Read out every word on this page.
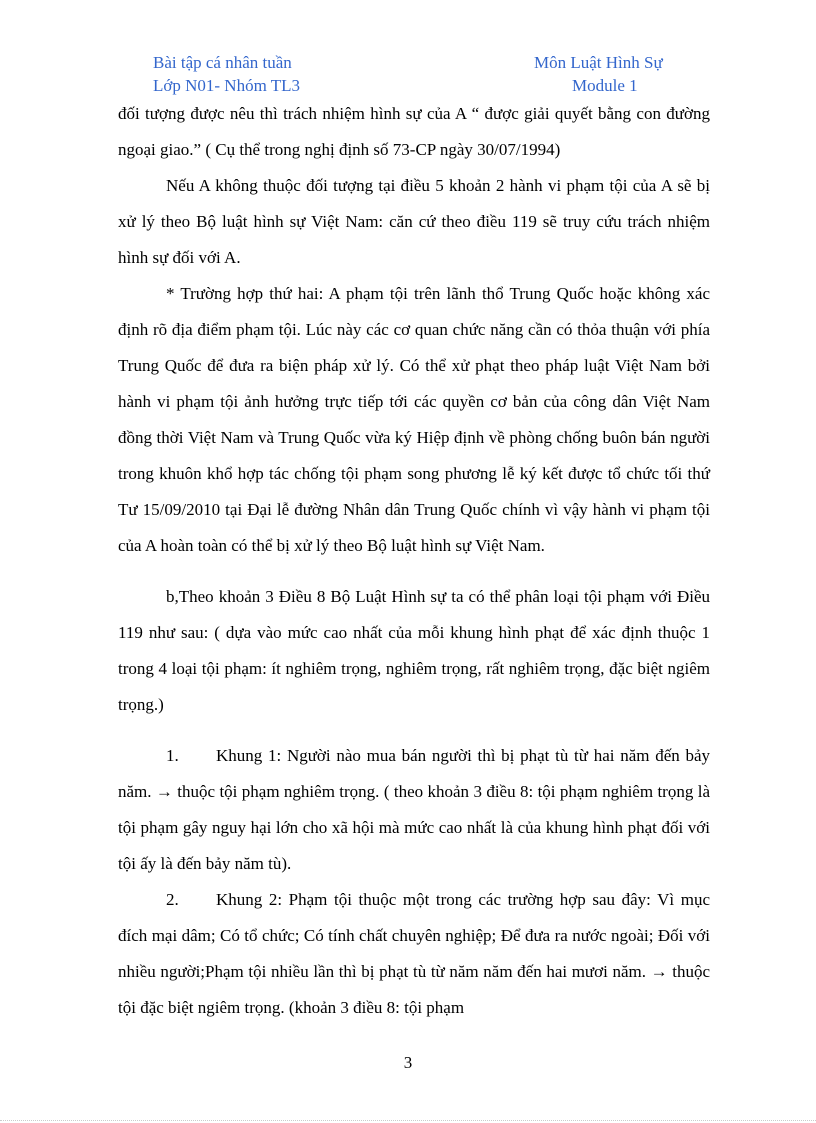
Bài tập cá nhân tuần
Lớp N01- Nhóm TL3
Môn Luật Hình Sự
Module 1

đối tượng được nêu thì trách nhiệm hình sự của A “ được giải quyết bằng con đường ngoại giao.” ( Cụ thể trong nghị định số 73-CP ngày 30/07/1994)

Nếu A không thuộc đối tượng tại điều 5 khoản 2 hành vi phạm tội của A sẽ bị xử lý theo Bộ luật hình sự Việt Nam: căn cứ theo điều 119 sẽ truy cứu trách nhiệm hình sự đối với A.

* Trường hợp thứ hai: A phạm tội trên lãnh thổ Trung Quốc hoặc không xác định rõ địa điểm phạm tội. Lúc này các cơ quan chức năng cần có thỏa thuận với phía Trung Quốc để đưa ra biện pháp xử lý. Có thể xử phạt theo pháp luật Việt Nam bởi hành vi phạm tội ảnh hưởng trực tiếp tới các quyền cơ bản của công dân Việt Nam đồng thời Việt Nam và Trung Quốc vừa ký Hiệp định về phòng chống buôn bán người trong khuôn khổ hợp tác chống tội phạm song phương lễ ký kết được tổ chức tối thứ Tư 15/09/2010 tại Đại lễ đường Nhân dân Trung Quốc chính vì vậy hành vi phạm tội của A hoàn toàn có thể bị xử lý theo Bộ luật hình sự Việt Nam.

b,Theo khoản 3 Điều 8 Bộ Luật Hình sự ta có thể phân loại tội phạm với Điều 119 như sau: ( dựa vào mức cao nhất của mỗi khung hình phạt để xác định thuộc 1 trong 4 loại tội phạm: ít nghiêm trọng, nghiêm trọng, rất nghiêm trọng, đặc biệt ngiêm trọng.)

1. Khung 1: Người nào mua bán người thì bị phạt tù từ hai năm đến bảy năm. → thuộc tội phạm nghiêm trọng. ( theo khoản 3 điều 8: tội phạm nghiêm trọng là tội phạm gây nguy hại lớn cho xã hội mà mức cao nhất là của khung hình phạt đối với tội ấy là đến bảy năm tù).

2. Khung 2: Phạm tội thuộc một trong các trường hợp sau đây: Vì mục đích mại dâm; Có tổ chức; Có tính chất chuyên nghiệp; Để đưa ra nước ngoài; Đối với nhiều người;Phạm tội nhiều lần thì bị phạt tù từ năm năm đến hai mươi năm. → thuộc tội đặc biệt ngiêm trọng. (khoản 3 điều 8: tội phạm

3
